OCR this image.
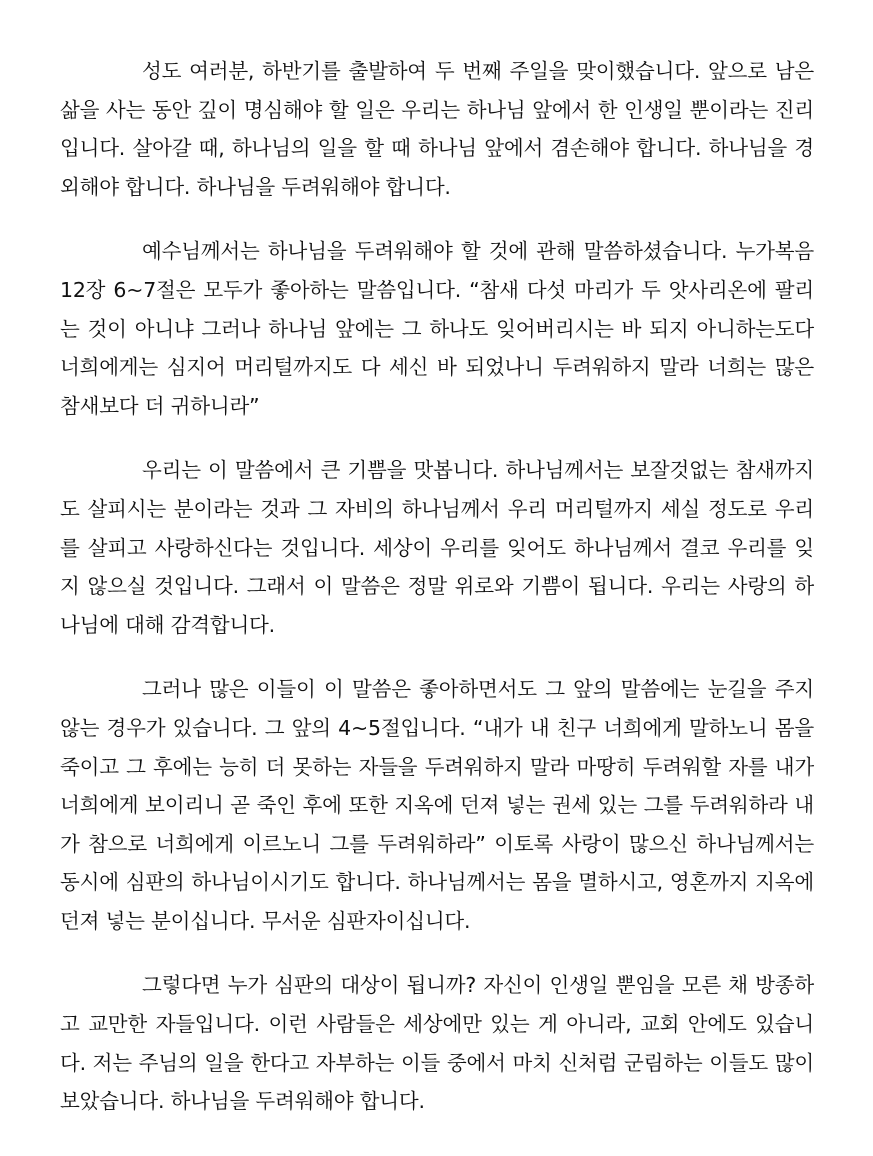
성도 여러분, 하반기를 출발하여 두 번째 주일을 맞이했습니다. 앞으로 남은 삶을 사는 동안 깊이 명심해야 할 일은 우리는 하나님 앞에서 한 인생일 뿐이라는 진리입니다. 살아갈 때, 하나님의 일을 할 때 하나님 앞에서 겸손해야 합니다. 하나님을 경외해야 합니다. 하나님을 두려워해야 합니다.

예수님께서는 하나님을 두려워해야 할 것에 관해 말씀하셨습니다. 누가복음 12장 6~7절은 모두가 좋아하는 말씀입니다. “참새 다섯 마리가 두 앗사리온에 팔리는 것이 아니냐 그러나 하나님 앞에는 그 하나도 잊어버리시는 바 되지 아니하는도다 너희에게는 심지어 머리털까지도 다 세신 바 되었나니 두려워하지 말라 너희는 많은 참새보다 더 귀하니라”

우리는 이 말씀에서 큰 기쁨을 맛봅니다. 하나님께서는 보잘것없는 참새까지도 살피시는 분이라는 것과 그 자비의 하나님께서 우리 머리털까지 세실 정도로 우리를 살피고 사랑하신다는 것입니다. 세상이 우리를 잊어도 하나님께서 결코 우리를 잊지 않으실 것입니다. 그래서 이 말씀은 정말 위로와 기쁨이 됩니다. 우리는 사랑의 하나님에 대해 감격합니다.

그러나 많은 이들이 이 말씀은 좋아하면서도 그 앞의 말씀에는 눈길을 주지 않는 경우가 있습니다. 그 앞의 4~5절입니다. “내가 내 친구 너희에게 말하노니 몸을 죽이고 그 후에는 능히 더 못하는 자들을 두려워하지 말라 마땅히 두려워할 자를 내가 너희에게 보이리니 곧 죽인 후에 또한 지옥에 던져 넣는 권세 있는 그를 두려워하라 내가 참으로 너희에게 이르노니 그를 두려워하라” 이토록 사랑이 많으신 하나님께서는 동시에 심판의 하나님이시기도 합니다. 하나님께서는 몸을 멸하시고, 영혼까지 지옥에 던져 넣는 분이십니다. 무서운 심판자이십니다.

그렇다면 누가 심판의 대상이 됩니까? 자신이 인생일 뿐임을 모른 채 방종하고 교만한 자들입니다. 이런 사람들은 세상에만 있는 게 아니라, 교회 안에도 있습니다. 저는 주님의 일을 한다고 자부하는 이들 중에서 마치 신처럼 군림하는 이들도 많이 보았습니다. 하나님을 두려워해야 합니다.
